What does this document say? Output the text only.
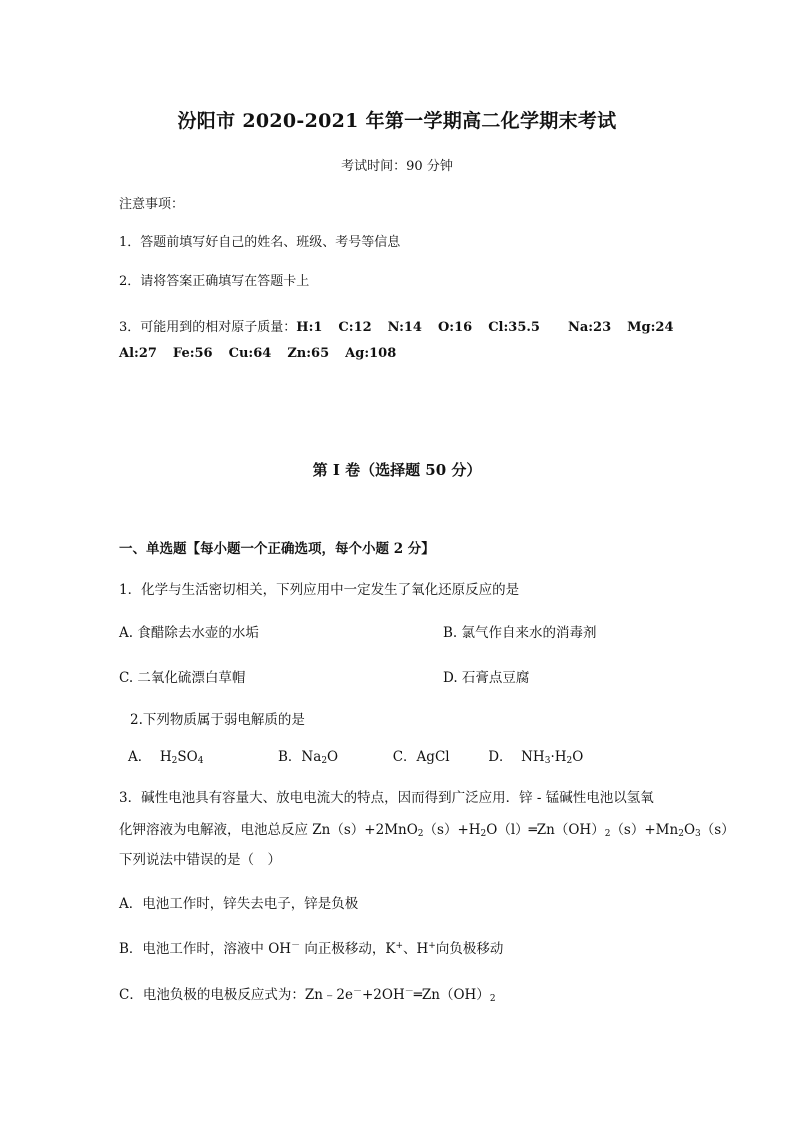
汾阳市 2020-2021 年第一学期高二化学期末考试
考试时间：90 分钟
注意事项：
1．答题前填写好自己的姓名、班级、考号等信息
2．请将答案正确填写在答题卡上
3．可能用到的相对原子质量：H:1 C:12 N:14 O:16 Cl:35.5 Na:23 Mg:24
Al:27 Fe:56 Cu:64 Zn:65 Ag:108
第 I 卷（选择题 50 分）
一、单选题【每小题一个正确选项，每个小题 2 分】
1．化学与生活密切相关，下列应用中一定发生了氧化还原反应的是
A. 食醋除去水壶的水垢	B. 氯气作自来水的消毒剂
C. 二氧化硫漂白草帽	D. 石膏点豆腐
2.下列物质属于弱电解质的是
A． $H_2SO_4$	B．$Na_2O$	C．AgCl	D． $NH_3\cdot H_2O$
3．碱性电池具有容量大、放电电流大的特点，因而得到广泛应用．锌 - 锰碱性电池以氢氧
化钾溶液为电解液，电池总反应 $Zn(s)+2MnO_2(s)+H_2O(l)═Zn(OH)_2(s)+Mn_2O_3(s)$
下列说法中错误的是（　）
A．电池工作时，锌失去电子，锌是负极
B．电池工作时，溶液中 OH－ 向正极移动，K+、H+向负极移动
C．电池负极的电极反应式为：$Zn﹣2e^-+2OH^-═Zn(OH)_2$
